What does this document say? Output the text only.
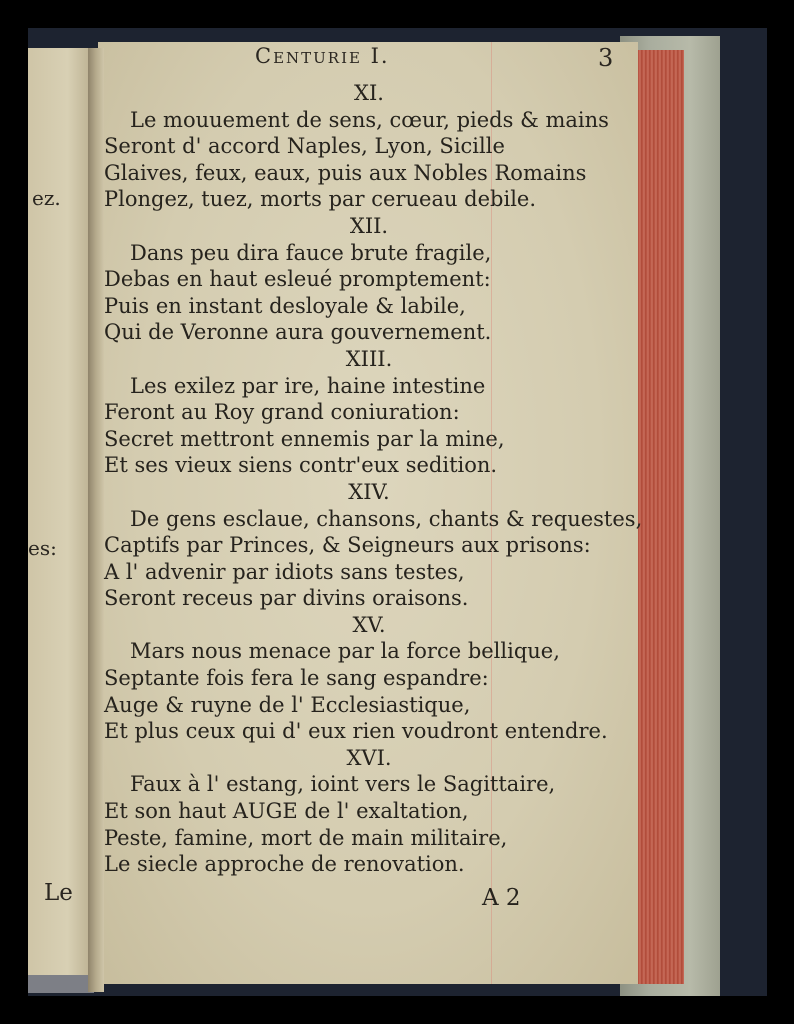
ez.
es:
Le
Centurie I.	3
XI.
Le mouuement de sens, cœur, pieds & mains
Seront d' accord Naples, Lyon, Sicille
Glaives, feux, eaux, puis aux Nobles Romains
Plongez, tuez, morts par cerueau debile.
XII.
Dans peu dira fauce brute fragile,
Debas en haut esleué promptement:
Puis en instant desloyale & labile,
Qui de Veronne aura gouvernement.
XIII.
Les exilez par ire, haine intestine
Feront au Roy grand coniuration:
Secret mettront ennemis par la mine,
Et ses vieux siens contr'eux sedition.
XIV.
De gens esclaue, chansons, chants & requestes,
Captifs par Princes, & Seigneurs aux prisons:
A l' advenir par idiots sans testes,
Seront receus par divins oraisons.
XV.
Mars nous menace par la force bellique,
Septante fois fera le sang espandre:
Auge & ruyne de l' Ecclesiastique,
Et plus ceux qui d' eux rien voudront entendre.
XVI.
Faux à l' estang, ioint vers le Sagittaire,
Et son haut AUGE de l' exaltation,
Peste, famine, mort de main militaire,
Le siecle approche de renovation.
A 2
